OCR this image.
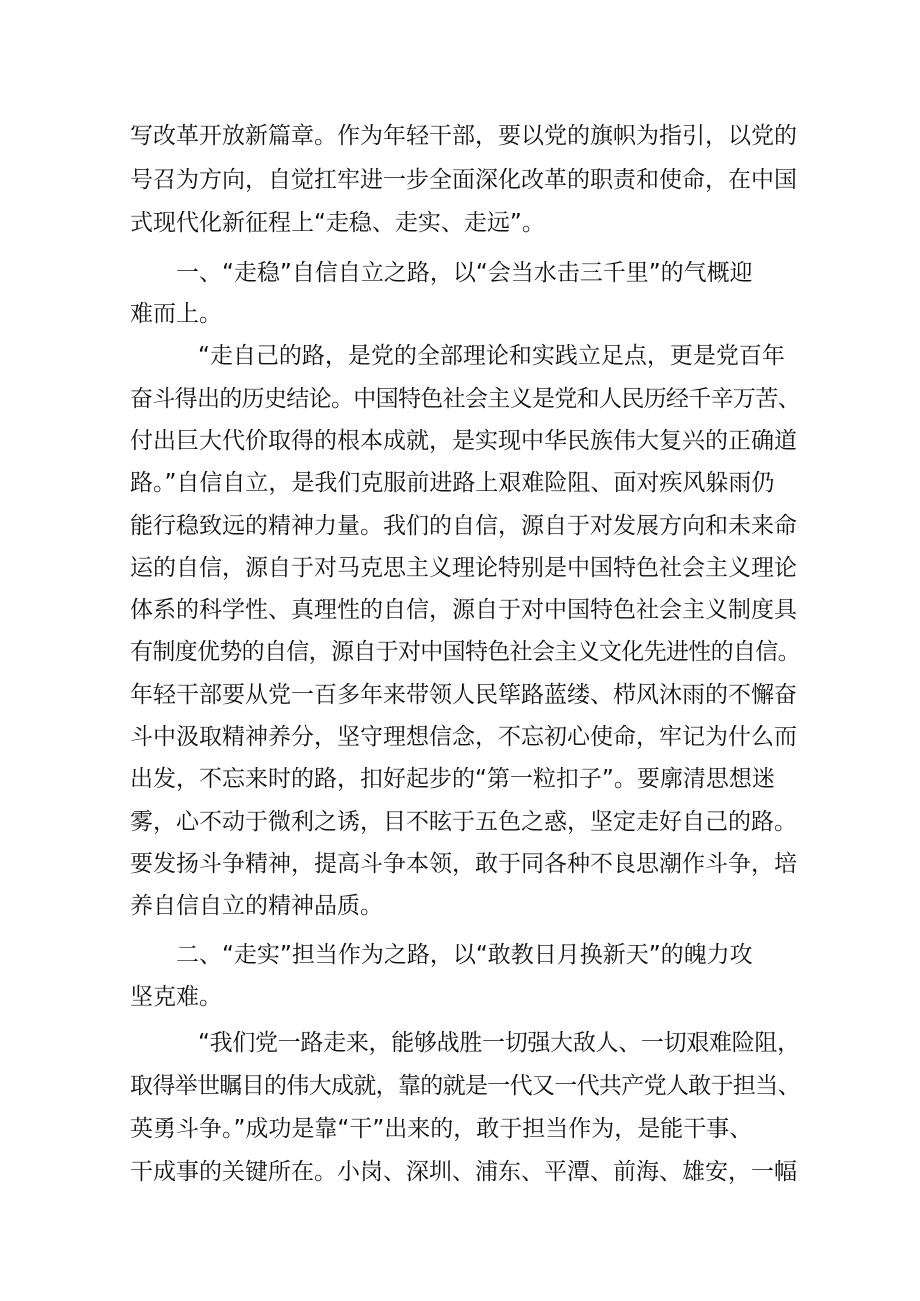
写改革开放新篇章。作为年轻干部，要以党的旗帜为指引，以党的
号召为方向，自觉扛牢进一步全面深化改革的职责和使命，在中国
式现代化新征程上“走稳、走实、走远”。
一、“走稳”自信自立之路，以“会当水击三千里”的气概迎
难而上。
“走自己的路，是党的全部理论和实践立足点，更是党百年
奋斗得出的历史结论。中国特色社会主义是党和人民历经千辛万苦、
付出巨大代价取得的根本成就，是实现中华民族伟大复兴的正确道
路。”自信自立，是我们克服前进路上艰难险阻、面对疾风躲雨仍
能行稳致远的精神力量。我们的自信，源自于对发展方向和未来命
运的自信，源自于对马克思主义理论特别是中国特色社会主义理论
体系的科学性、真理性的自信，源自于对中国特色社会主义制度具
有制度优势的自信，源自于对中国特色社会主义文化先进性的自信。
年轻干部要从党一百多年来带领人民筚路蓝缕、栉风沐雨的不懈奋
斗中汲取精神养分，坚守理想信念，不忘初心使命，牢记为什么而
出发，不忘来时的路，扣好起步的“第一粒扣子”。要廓清思想迷
雾，心不动于微利之诱，目不眩于五色之惑，坚定走好自己的路。
要发扬斗争精神，提高斗争本领，敢于同各种不良思潮作斗争，培
养自信自立的精神品质。
二、“走实”担当作为之路，以“敢教日月换新天”的魄力攻
坚克难。
“我们党一路走来，能够战胜一切强大敌人、一切艰难险阻，
取得举世瞩目的伟大成就，靠的就是一代又一代共产党人敢于担当、
英勇斗争。”成功是靠“干”出来的，敢于担当作为，是能干事、
干成事的关键所在。小岗、深圳、浦东、平潭、前海、雄安，一幅
